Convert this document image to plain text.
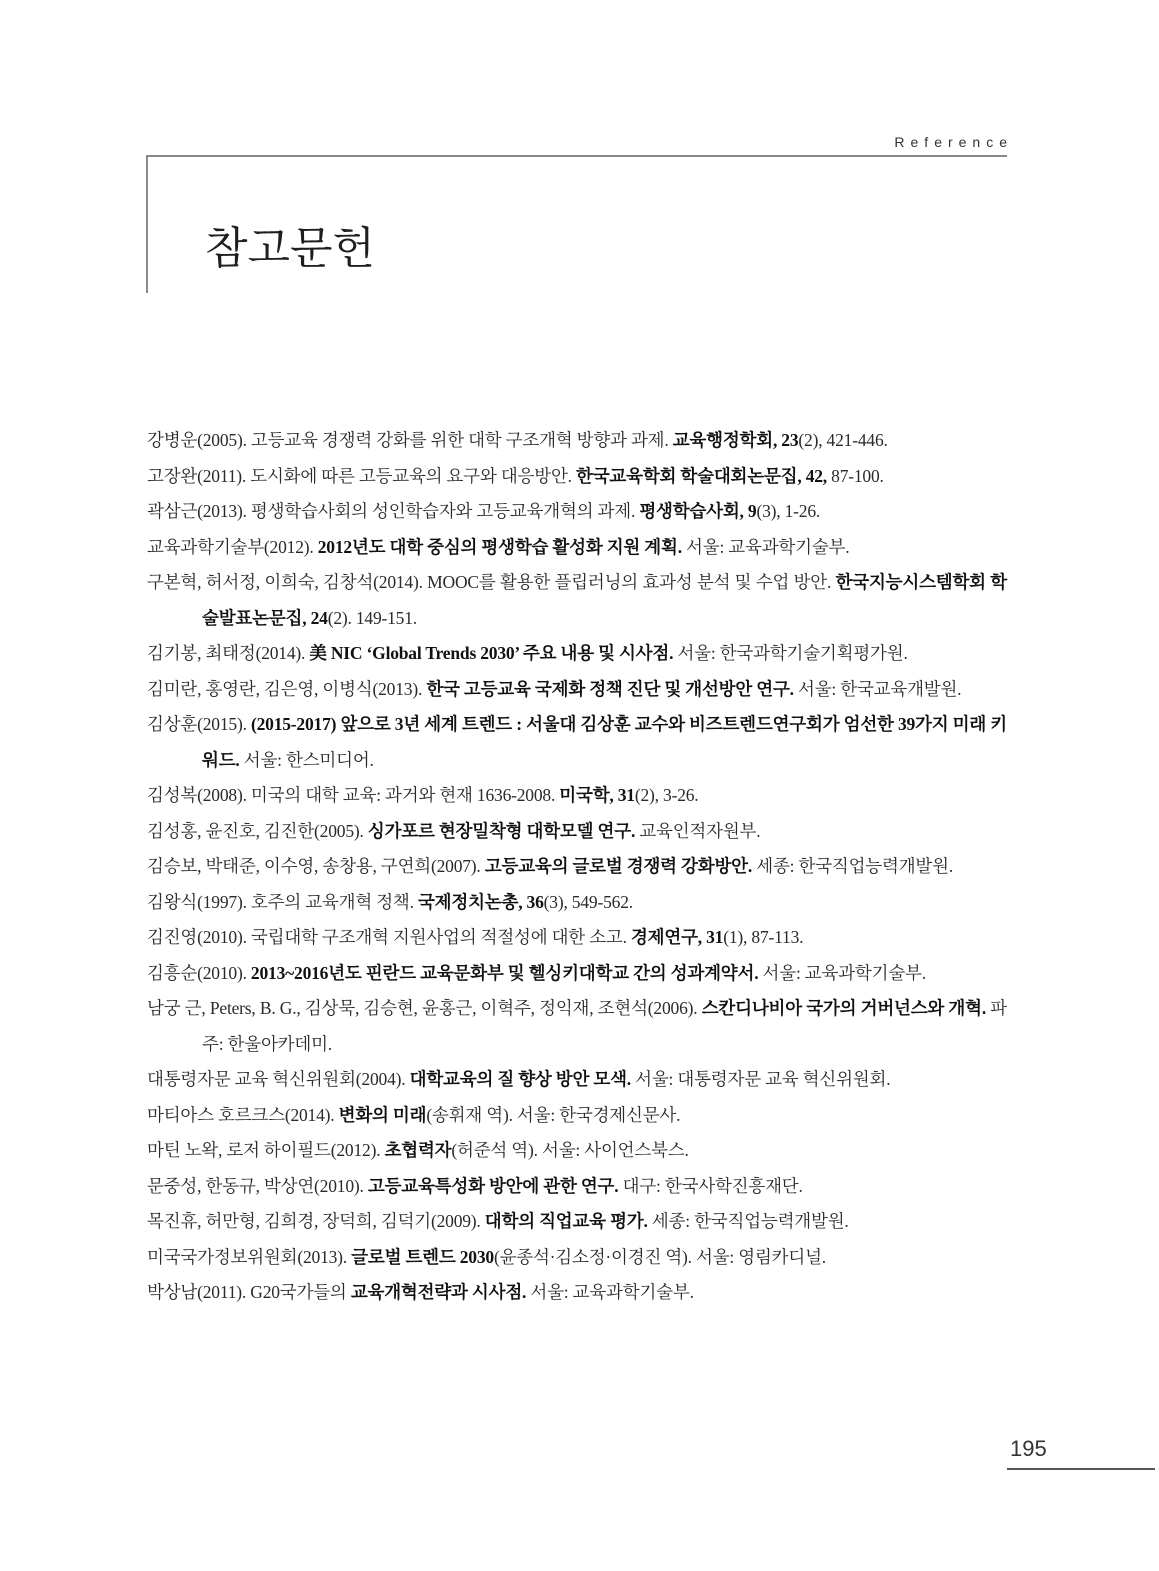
Reference
참고문헌

강병운(2005). 고등교육 경쟁력 강화를 위한 대학 구조개혁 방향과 과제. 교육행정학회, 23(2), 421-446.

고장완(2011). 도시화에 따른 고등교육의 요구와 대응방안. 한국교육학회 학술대회논문집, 42, 87-100.

곽삼근(2013). 평생학습사회의 성인학습자와 고등교육개혁의 과제. 평생학습사회, 9(3), 1-26.

교육과학기술부(2012). 2012년도 대학 중심의 평생학습 활성화 지원 계획. 서울: 교육과학기술부.

구본혁, 허서정, 이희숙, 김창석(2014). MOOC를 활용한 플립러닝의 효과성 분석 및 수업 방안. 한국지능시스템학회 학술발표논문집, 24(2). 149-151.

김기봉, 최태정(2014). 美 NIC ‘Global Trends 2030’ 주요 내용 및 시사점. 서울: 한국과학기술기획평가원.

김미란, 홍영란, 김은영, 이병식(2013). 한국 고등교육 국제화 정책 진단 및 개선방안 연구. 서울: 한국교육개발원.

김상훈(2015). (2015-2017) 앞으로 3년 세계 트렌드 : 서울대 김상훈 교수와 비즈트렌드연구회가 엄선한 39가지 미래 키워드. 서울: 한스미디어.

김성복(2008). 미국의 대학 교육: 과거와 현재 1636-2008. 미국학, 31(2), 3-26.

김성홍, 윤진호, 김진한(2005). 싱가포르 현장밀착형 대학모델 연구. 교육인적자원부.

김승보, 박태준, 이수영, 송창용, 구연희(2007). 고등교육의 글로벌 경쟁력 강화방안. 세종: 한국직업능력개발원.

김왕식(1997). 호주의 교육개혁 정책. 국제정치논총, 36(3), 549-562.

김진영(2010). 국립대학 구조개혁 지원사업의 적절성에 대한 소고. 경제연구, 31(1), 87-113.

김흥순(2010). 2013~2016년도 핀란드 교육문화부 및 헬싱키대학교 간의 성과계약서. 서울: 교육과학기술부.

남궁 근, Peters, B. G., 김상묵, 김승현, 윤홍근, 이혁주, 정익재, 조현석(2006). 스칸디나비아 국가의 거버넌스와 개혁. 파주: 한울아카데미.

대통령자문 교육 혁신위원회(2004). 대학교육의 질 향상 방안 모색. 서울: 대통령자문 교육 혁신위원회.

마티아스 호르크스(2014). 변화의 미래(송휘재 역). 서울: 한국경제신문사.

마틴 노왁, 로저 하이필드(2012). 초협력자(허준석 역). 서울: 사이언스북스.

문중성, 한동규, 박상연(2010). 고등교육특성화 방안에 관한 연구. 대구: 한국사학진흥재단.

목진휴, 허만형, 김희경, 장덕희, 김덕기(2009). 대학의 직업교육 평가. 세종: 한국직업능력개발원.

미국국가정보위원회(2013). 글로벌 트렌드 2030(윤종석·김소정·이경진 역). 서울: 영림카디널.

박상남(2011). G20국가들의 교육개혁전략과 시사점. 서울: 교육과학기술부.

195
